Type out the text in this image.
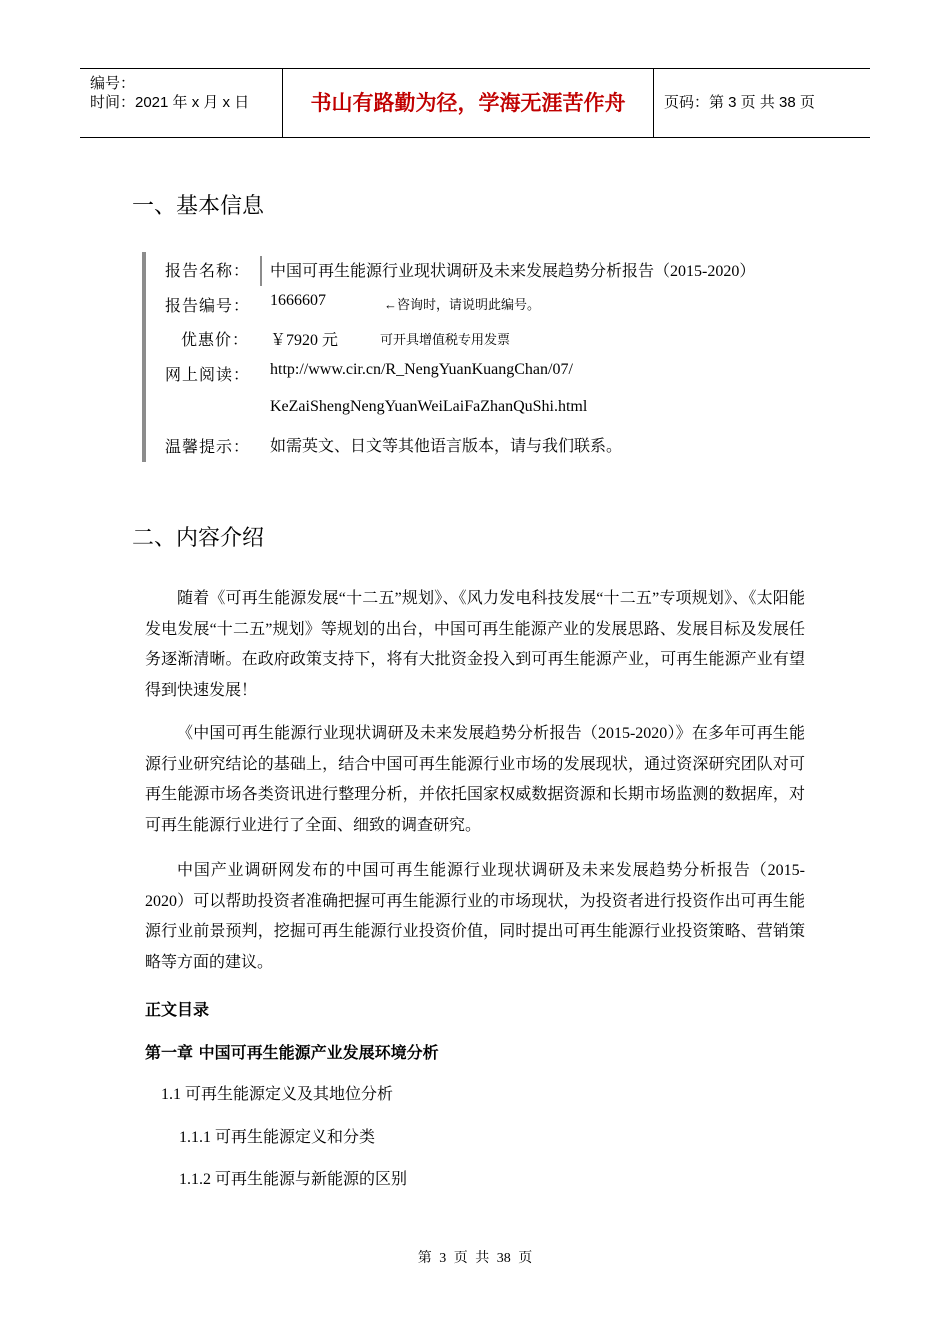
编号：
时间：2021 年 x 月 x 日	书山有路勤为径，学海无涯苦作舟	页码：第 3 页 共 38 页
一、基本信息
报告名称： 中国可再生能源行业现状调研及未来发展趋势分析报告（2015-2020）
报告编号： 1666607	←咨询时，请说明此编号。
优惠价： ￥7920 元	可开具增值税专用发票
网上阅读： http://www.cir.cn/R_NengYuanKuangChan/07/
KeZaiShengNengYuanWeiLaiFaZhanQuShi.html
温馨提示： 如需英文、日文等其他语言版本，请与我们联系。
二、内容介绍

随着《可再生能源发展“十二五”规划》、《风力发电科技发展“十二五”专项规划》、《太阳能发电发展“十二五”规划》等规划的出台，中国可再生能源产业的发展思路、发展目标及发展任务逐渐清晰。在政府政策支持下，将有大批资金投入到可再生能源产业，可再生能源产业有望得到快速发展！

《中国可再生能源行业现状调研及未来发展趋势分析报告（2015-2020）》在多年可再生能源行业研究结论的基础上，结合中国可再生能源行业市场的发展现状，通过资深研究团队对可再生能源市场各类资讯进行整理分析，并依托国家权威数据资源和长期市场监测的数据库，对可再生能源行业进行了全面、细致的调查研究。

中国产业调研网发布的中国可再生能源行业现状调研及未来发展趋势分析报告（2015-2020）可以帮助投资者准确把握可再生能源行业的市场现状，为投资者进行投资作出可再生能源行业前景预判，挖掘可再生能源行业投资价值，同时提出可再生能源行业投资策略、营销策略等方面的建议。

正文目录
第一章 中国可再生能源产业发展环境分析
1.1 可再生能源定义及其地位分析
1.1.1 可再生能源定义和分类
1.1.2 可再生能源与新能源的区别
第 3 页 共 38 页
